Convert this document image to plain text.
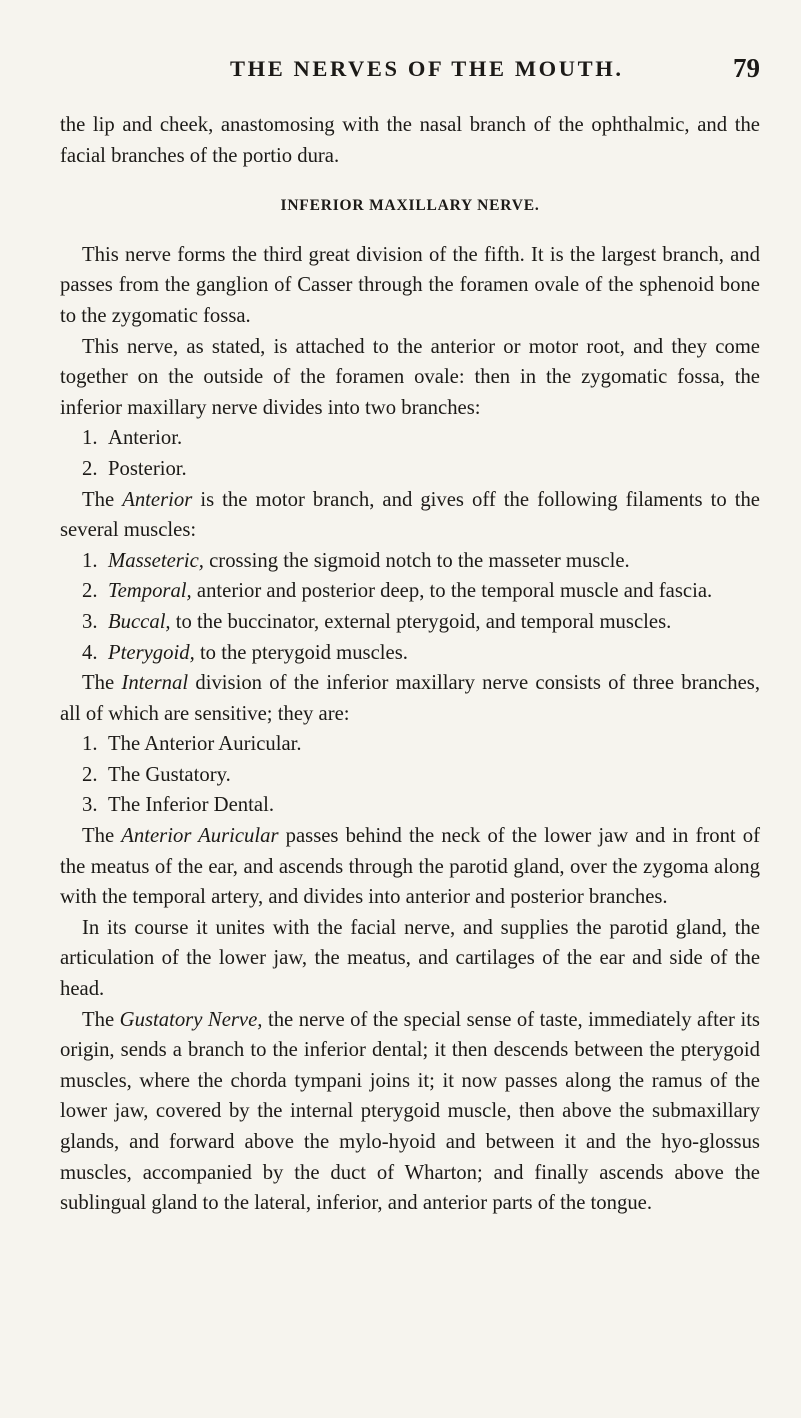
THE NERVES OF THE MOUTH.	79

the lip and cheek, anastomosing with the nasal branch of the ophthalmic, and the facial branches of the portio dura.

INFERIOR MAXILLARY NERVE.

This nerve forms the third great division of the fifth. It is the largest branch, and passes from the ganglion of Casser through the foramen ovale of the sphenoid bone to the zygomatic fossa.

This nerve, as stated, is attached to the anterior or motor root, and they come together on the outside of the foramen ovale: then in the zygomatic fossa, the inferior maxillary nerve divides into two branches:

1. Anterior.
2. Posterior.

The Anterior is the motor branch, and gives off the following filaments to the several muscles:

1. Masseteric, crossing the sigmoid notch to the masseter muscle.
2. Temporal, anterior and posterior deep, to the temporal muscle and fascia.
3. Buccal, to the buccinator, external pterygoid, and temporal muscles.
4. Pterygoid, to the pterygoid muscles.

The Internal division of the inferior maxillary nerve consists of three branches, all of which are sensitive; they are:

1. The Anterior Auricular.
2. The Gustatory.
3. The Inferior Dental.

The Anterior Auricular passes behind the neck of the lower jaw and in front of the meatus of the ear, and ascends through the parotid gland, over the zygoma along with the temporal artery, and divides into anterior and posterior branches.

In its course it unites with the facial nerve, and supplies the parotid gland, the articulation of the lower jaw, the meatus, and cartilages of the ear and side of the head.

The Gustatory Nerve, the nerve of the special sense of taste, immediately after its origin, sends a branch to the inferior dental; it then descends between the pterygoid muscles, where the chorda tympani joins it; it now passes along the ramus of the lower jaw, covered by the internal pterygoid muscle, then above the submaxillary glands, and forward above the mylo-hyoid and between it and the hyo-glossus muscles, accompanied by the duct of Wharton; and finally ascends above the sublingual gland to the lateral, inferior, and anterior parts of the tongue.
